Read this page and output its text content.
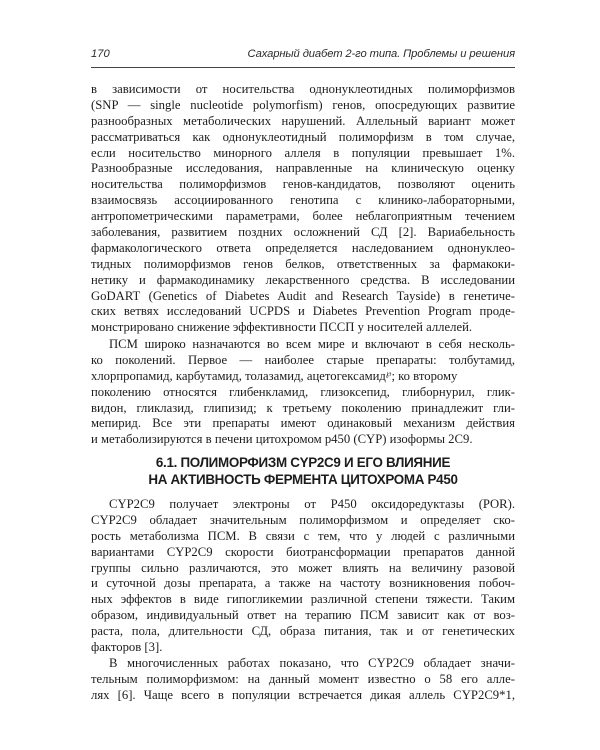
170	Сахарный диабет 2-го типа. Проблемы и решения
в зависимости от носительства однонуклеотидных полиморфизмов
(SNP — single nucleotide polymorfism) генов, опосредующих развитие
разнообразных метаболических нарушений. Аллельный вариант может
рассматриваться как однонуклеотидный полиморфизм в том случае,
если носительство минорного аллеля в популяции превышает 1%.
Разнообразные исследования, направленные на клиническую оценку
носительства полиморфизмов генов-кандидатов, позволяют оценить
взаимосвязь ассоциированного генотипа с клинико-лабораторными,
антропометрическими параметрами, более неблагоприятным течением
заболевания, развитием поздних осложнений СД [2]. Вариабельность
фармакологического ответа определяется наследованием однонуклеo-
тидных полиморфизмов генов белков, ответственных за фармакоки-
нетику и фармакодинамику лекарственного средства. В исследовании
GoDART (Genetics of Diabetes Audit and Research Tayside) в генетиче-
ских ветвях исследований UCPDS и Diabetes Prevention Program продe-
монстрировано снижение эффективности ПССП у носителей аллелей.
ПСМ широко назначаются во всем мире и включают в себя несколь-
ко поколений. Первое — наиболее старые препараты: толбутамид,
хлорпропамид, карбутамид, толазамид, ацетогексамид℘; ко второму
поколению относятся глибенкламид, глизоксепид, глиборнурил, глик-
видон, гликлазид, глипизид; к третьему поколению принадлежит гли-
мепирид. Все эти препараты имеют одинаковый механизм действия
и метаболизируются в печени цитохромом р450 (CYP) изоформы 2C9.
6.1. ПОЛИМОРФИЗМ CYP2C9 И ЕГО ВЛИЯНИЕ
НА АКТИВНОСТЬ ФЕРМЕНТА ЦИТОХРОМА Р450
CYP2C9 получает электроны от P450 оксидоредуктазы (POR).
CYP2C9 обладает значительным полиморфизмом и определяет ско-
рость метаболизма ПСМ. В связи с тем, что у людей с различными
вариантами CYP2C9 скорости биотрансформации препаратов данной
группы сильно различаются, это может влиять на величину разовой
и суточной дозы препарата, а также на частоту возникновения побоч-
ных эффектов в виде гипогликемии различной степени тяжести. Таким
образом, индивидуальный ответ на терапию ПСМ зависит как от воз-
раста, пола, длительности СД, образа питания, так и от генетических
факторов [3].
В многочисленных работах показано, что CYP2C9 обладает значи-
тельным полиморфизмом: на данный момент известно о 58 его алле-
лях [6]. Чаще всего в популяции встречается дикая аллель CYP2C9*1,
